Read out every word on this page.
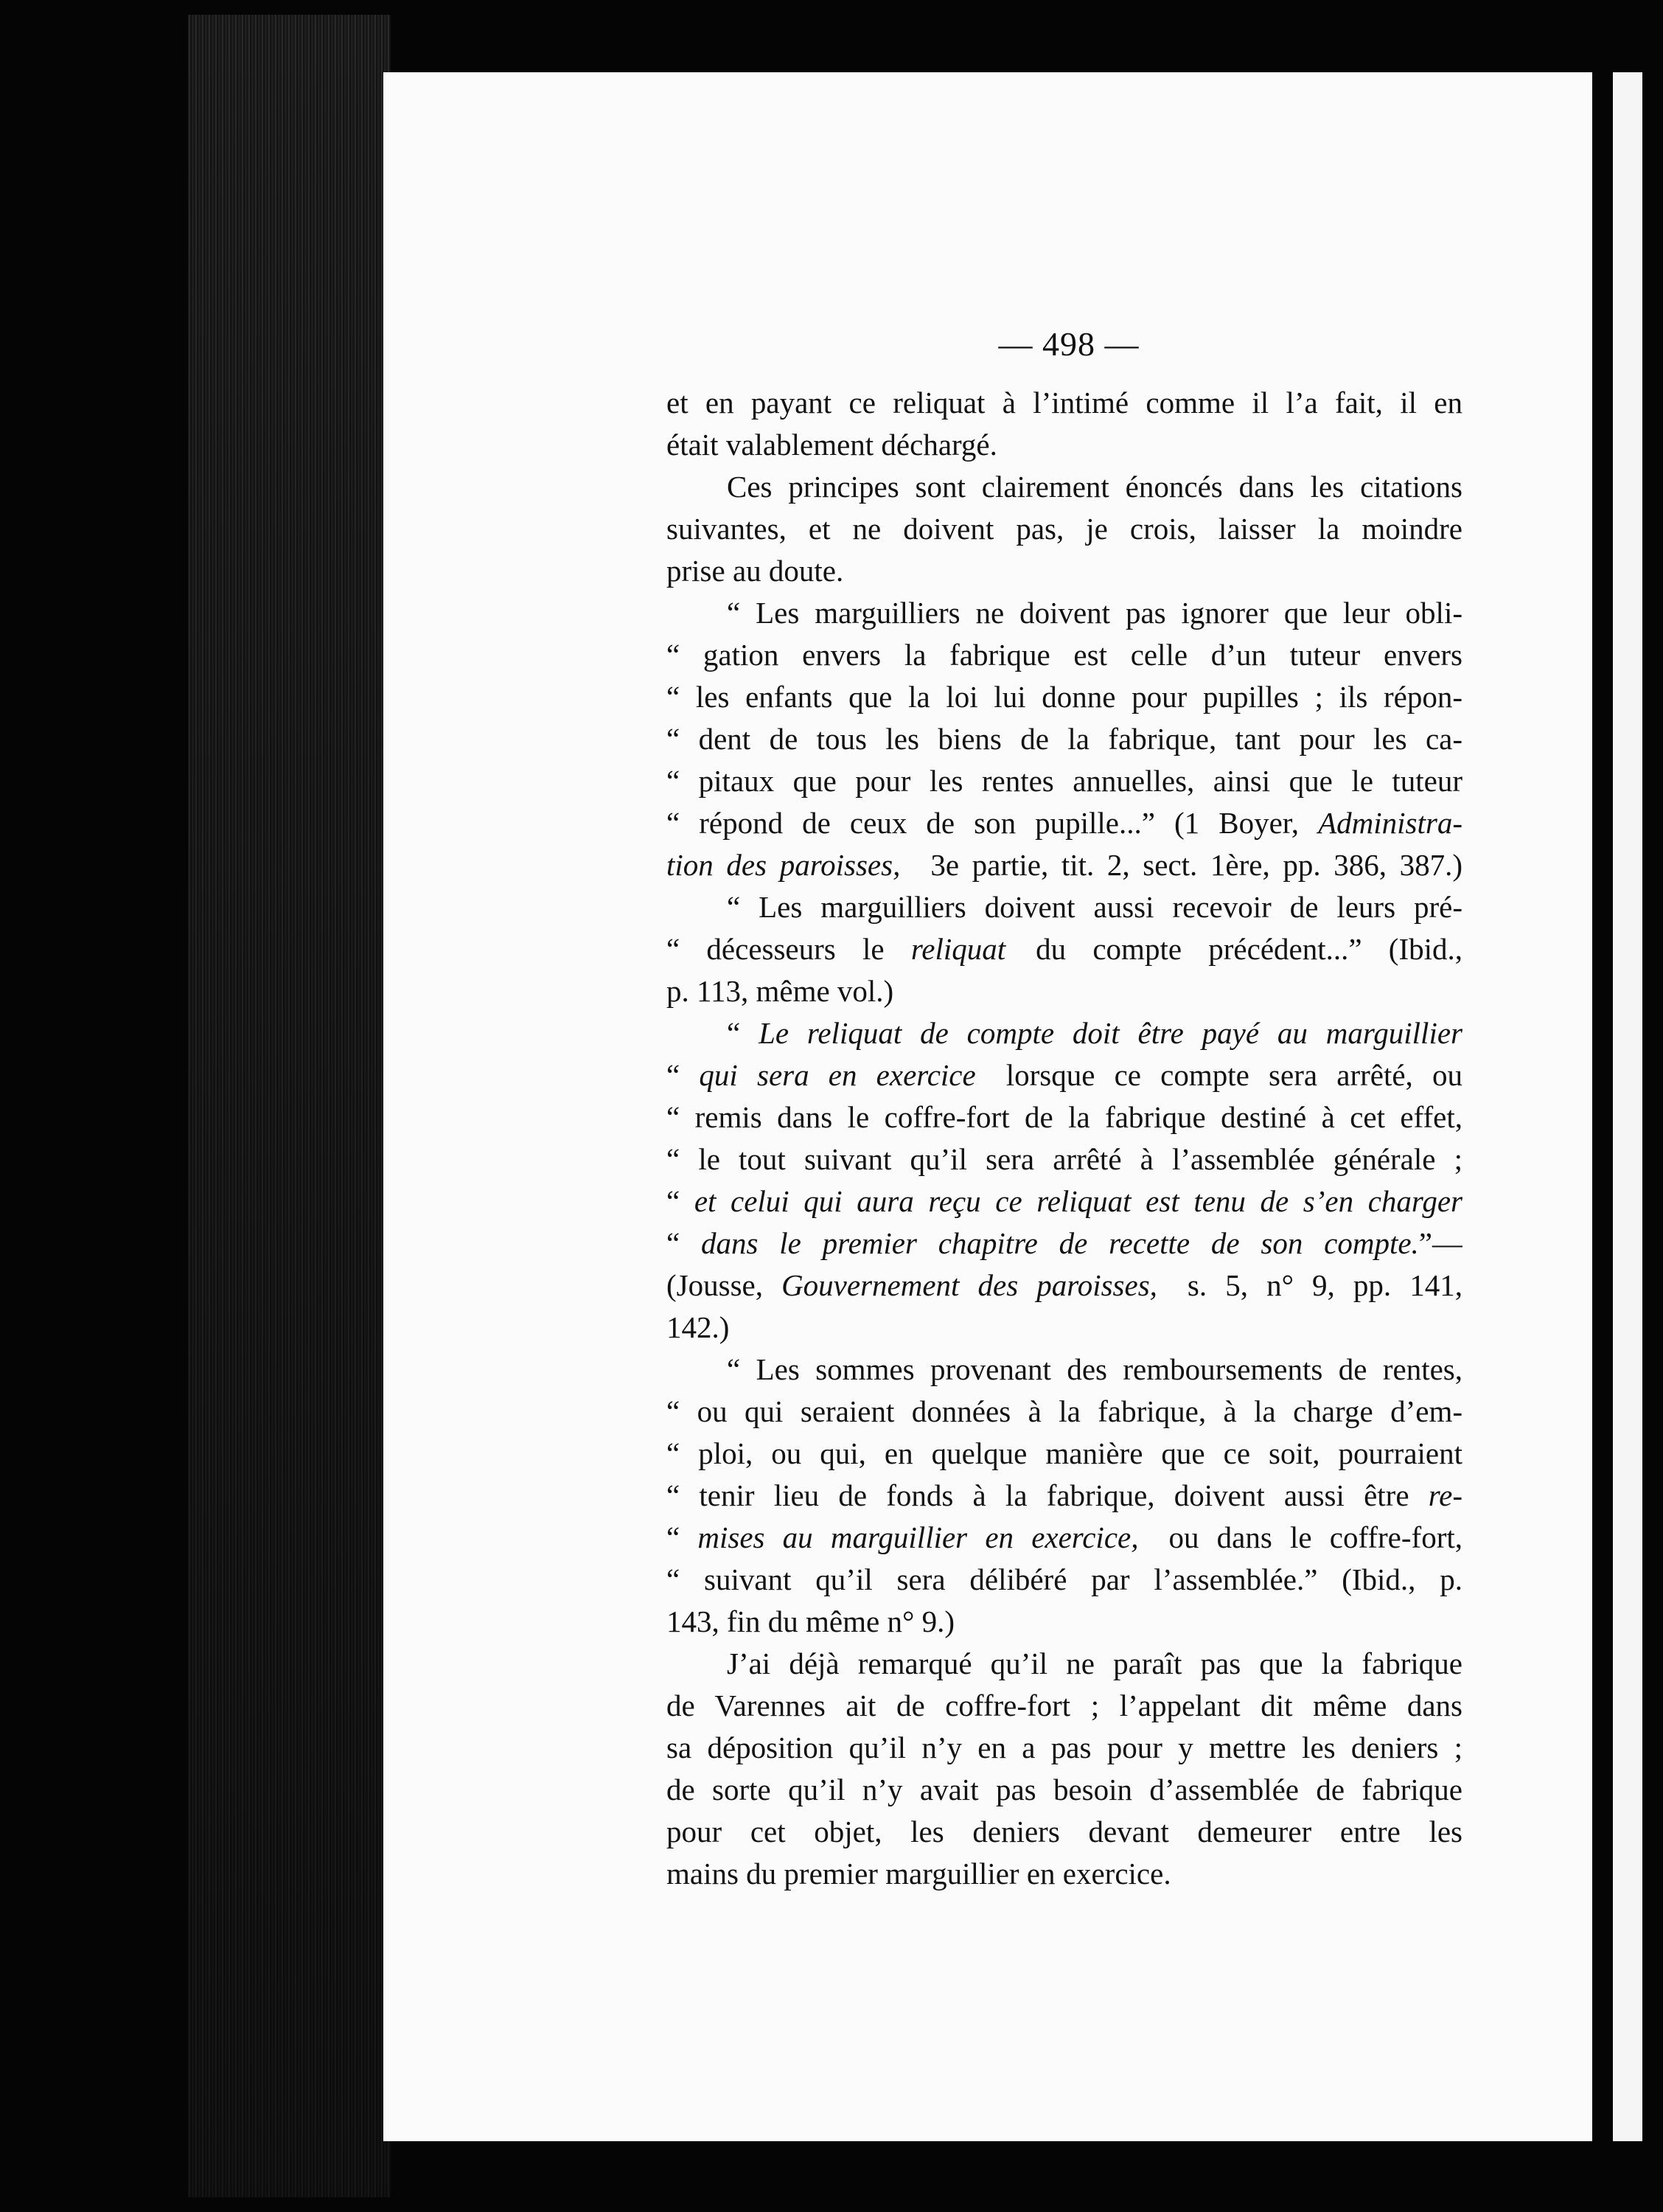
— 498 —
et en payant ce reliquat à l’intimé comme il l’a fait, il en
était valablement déchargé.
  Ces principes sont clairement énoncés dans les citations
suivantes, et ne doivent pas, je crois, laisser la moindre
prise au doute.
  “ Les marguilliers ne doivent pas ignorer que leur obli-
“ gation envers la fabrique est celle d’un tuteur envers
“ les enfants que la loi lui donne pour pupilles ; ils répon-
“ dent de tous les biens de la fabrique, tant pour les ca-
“ pitaux que pour les rentes annuelles, ainsi que le tuteur
“ répond de ceux de son pupille...” (1 Boyer, Administra-
tion des paroisses, 3e partie, tit. 2, sect. 1ère, pp. 386, 387.)
  “ Les marguilliers doivent aussi recevoir de leurs pré-
“ décesseurs le reliquat du compte précédent...” (Ibid.,
p. 113, même vol.)
  “ Le reliquat de compte doit être payé au marguillier
“ qui sera en exercice lorsque ce compte sera arrêté, ou
“ remis dans le coffre-fort de la fabrique destiné à cet effet,
“ le tout suivant qu’il sera arrêté à l’assemblée générale ;
“ et celui qui aura reçu ce reliquat est tenu de s’en charger
“ dans le premier chapitre de recette de son compte.”—
(Jousse, Gouvernement des paroisses, s. 5, n° 9, pp. 141,
142.)
  “ Les sommes provenant des remboursements de rentes,
“ ou qui seraient données à la fabrique, à la charge d’em-
“ ploi, ou qui, en quelque manière que ce soit, pourraient
“ tenir lieu de fonds à la fabrique, doivent aussi être re-
“ mises au marguillier en exercice, ou dans le coffre-fort,
“ suivant qu’il sera délibéré par l’assemblée.” (Ibid., p.
143, fin du même n° 9.)
  J’ai déjà remarqué qu’il ne paraît pas que la fabrique
de Varennes ait de coffre-fort ; l’appelant dit même dans
sa déposition qu’il n’y en a pas pour y mettre les deniers ;
de sorte qu’il n’y avait pas besoin d’assemblée de fabrique
pour cet objet, les deniers devant demeurer entre les
mains du premier marguillier en exercice.
